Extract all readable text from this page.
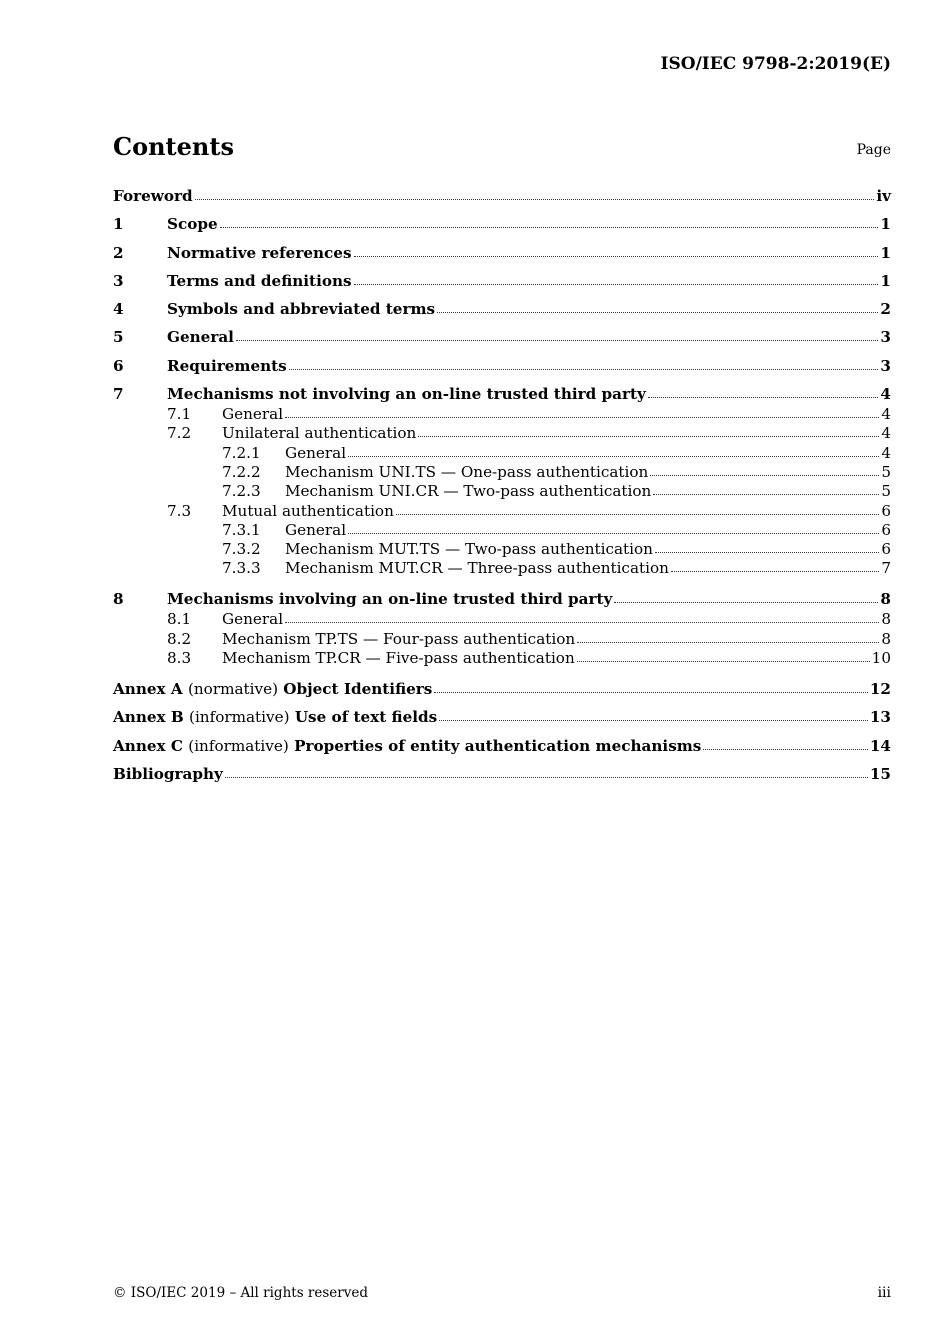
ISO/IEC 9798-2:2019(E)
Contents	Page
Foreword	iv
1	Scope	1
2	Normative references	1
3	Terms and definitions	1
4	Symbols and abbreviated terms	2
5	General	3
6	Requirements	3
7	Mechanisms not involving an on-line trusted third party	4
7.1	General	4
7.2	Unilateral authentication	4
7.2.1	General	4
7.2.2	Mechanism UNI.TS — One-pass authentication	5
7.2.3	Mechanism UNI.CR — Two-pass authentication	5
7.3	Mutual authentication	6
7.3.1	General	6
7.3.2	Mechanism MUT.TS — Two-pass authentication	6
7.3.3	Mechanism MUT.CR — Three-pass authentication	7
8	Mechanisms involving an on-line trusted third party	8
8.1	General	8
8.2	Mechanism TP.TS — Four-pass authentication	8
8.3	Mechanism TP.CR — Five-pass authentication	10
Annex A (normative) Object Identifiers	12
Annex B (informative) Use of text fields	13
Annex C (informative) Properties of entity authentication mechanisms	14
Bibliography	15
© ISO/IEC 2019 – All rights reserved	iii
